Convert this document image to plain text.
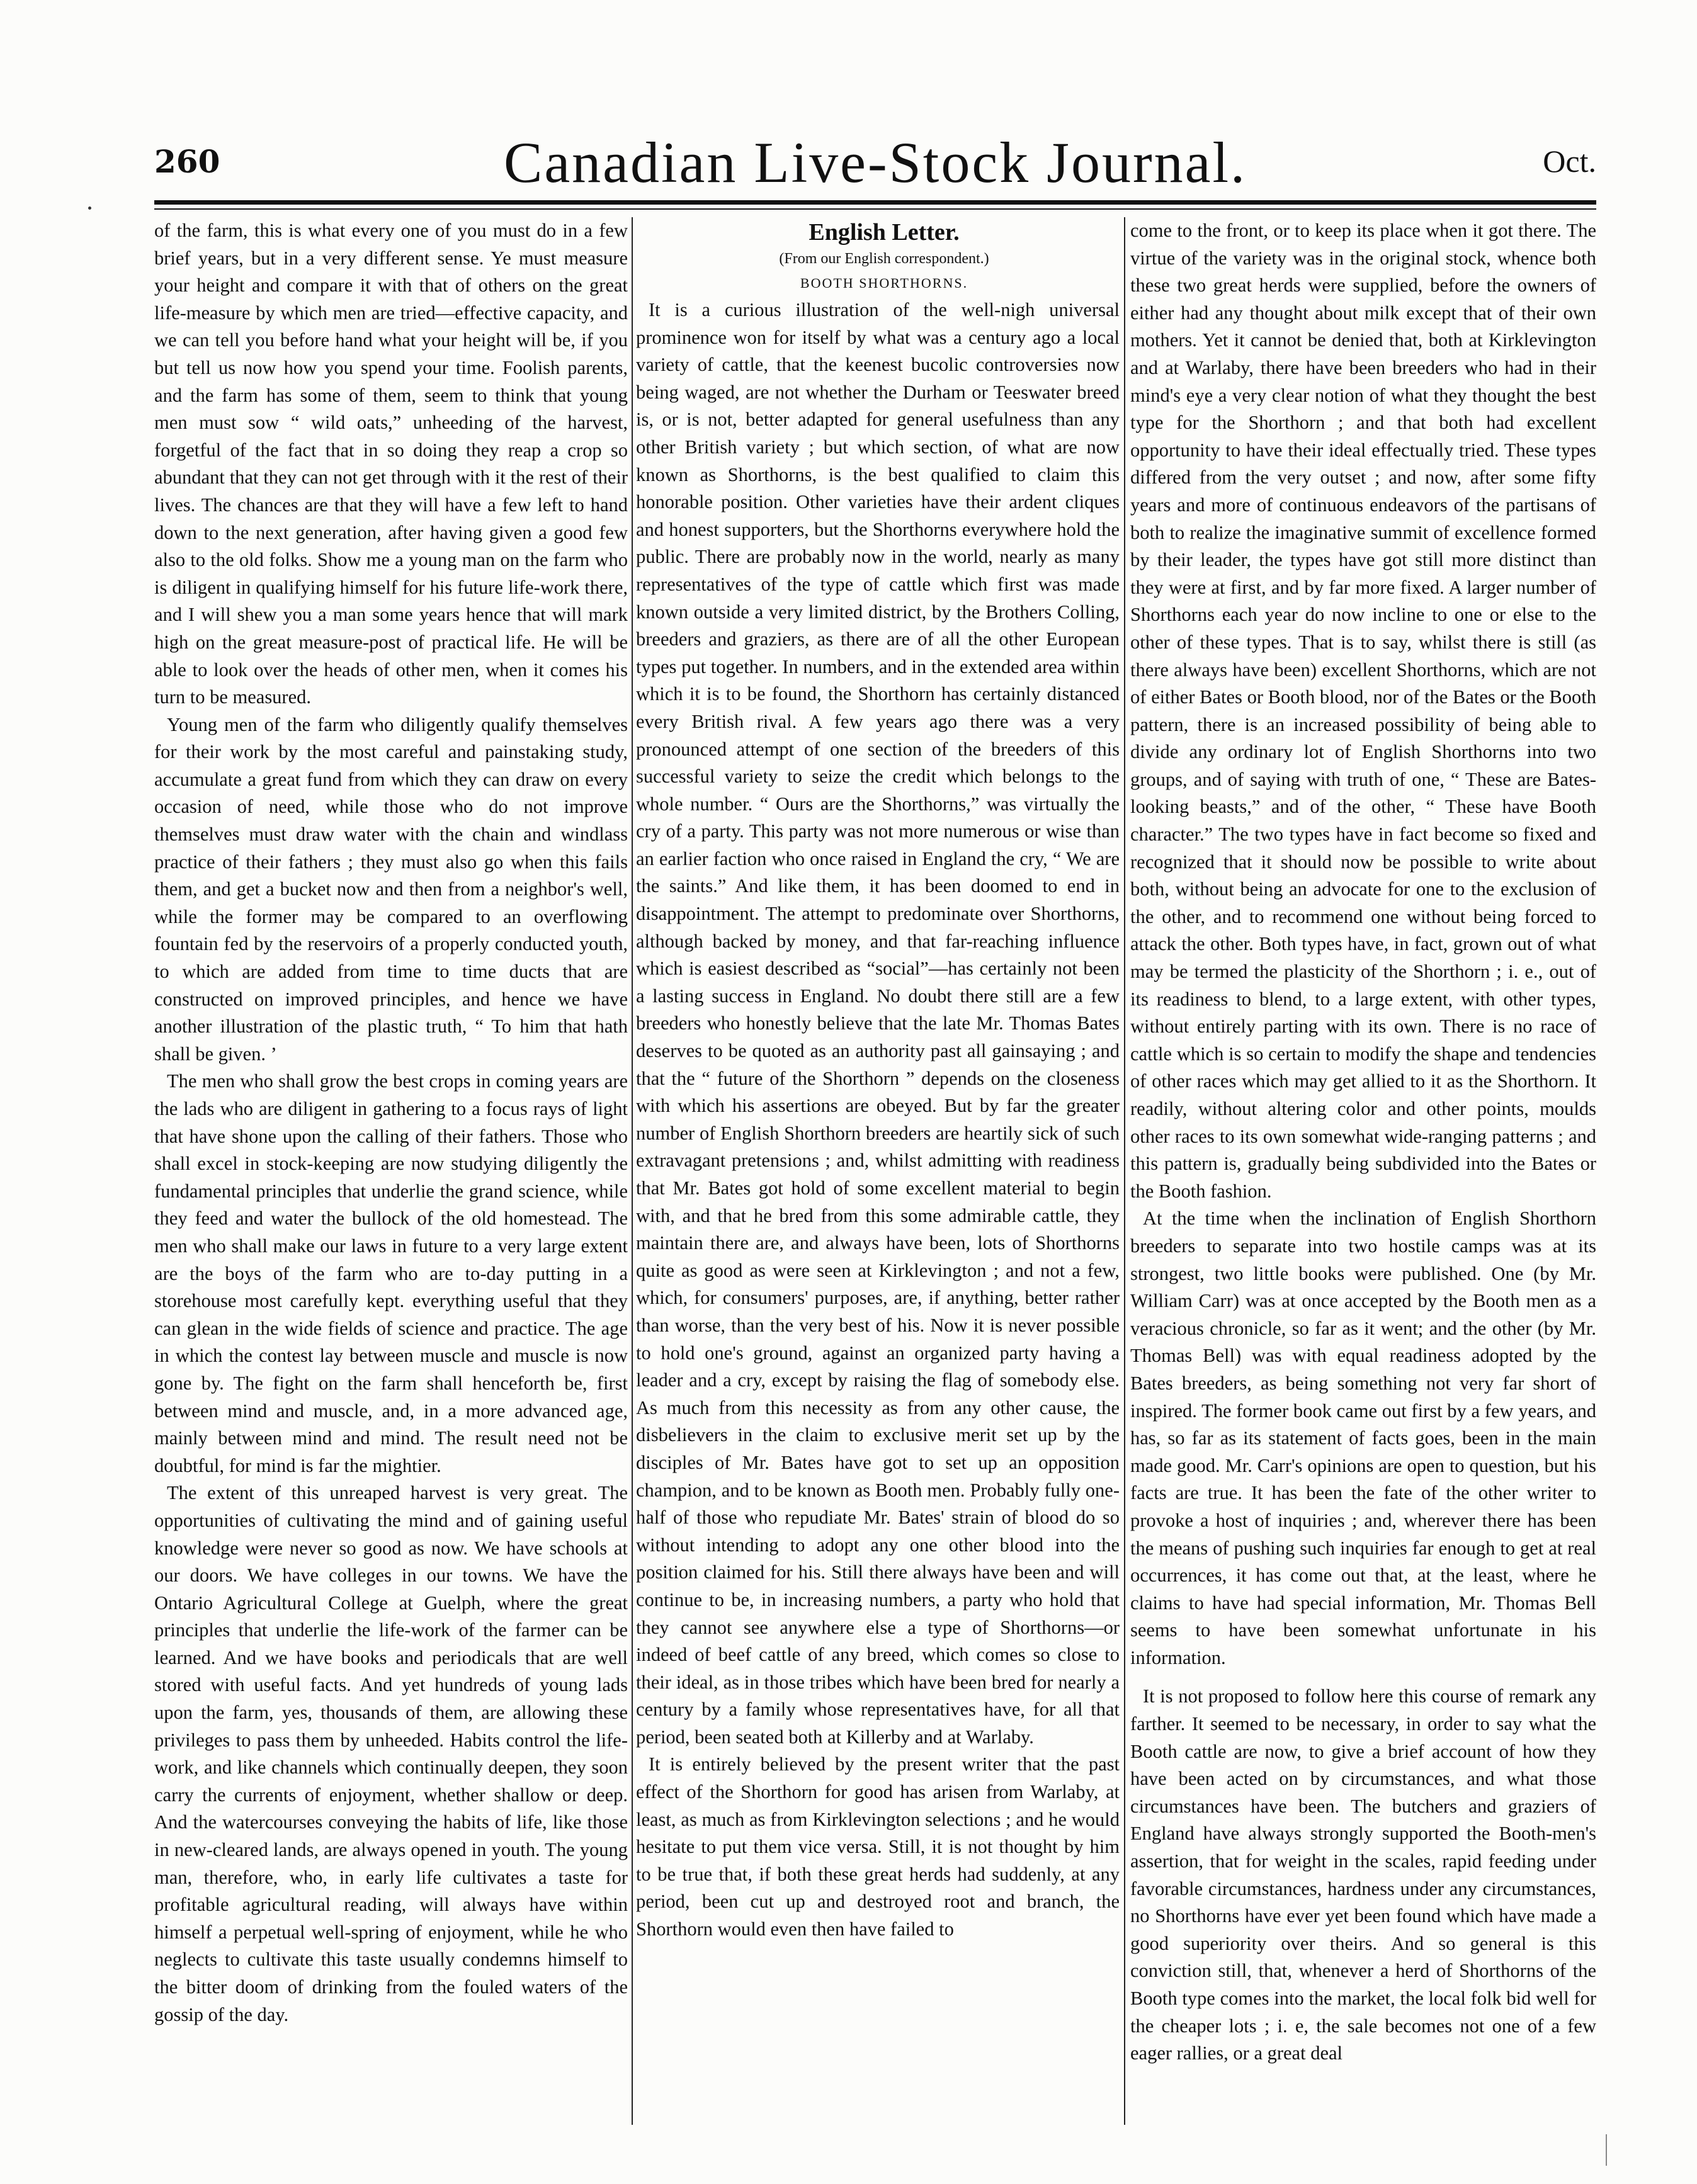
260	Canadian Live-Stock Journal.	Oct.

of the farm, this is what every one of you must do in a few brief years, but in a very different sense. Ye must measure your height and compare it with that of others on the great life-measure by which men are tried—effective capacity, and we can tell you before hand what your height will be, if you but tell us now how you spend your time. Foolish parents, and the farm has some of them, seem to think that young men must sow “ wild oats,” unheeding of the harvest, forgetful of the fact that in so doing they reap a crop so abundant that they can not get through with it the rest of their lives. The chances are that they will have a few left to hand down to the next generation, after having given a good few also to the old folks. Show me a young man on the farm who is diligent in qualifying himself for his future life-work there, and I will shew you a man some years hence that will mark high on the great measure-post of practical life. He will be able to look over the heads of other men, when it comes his turn to be measured.

Young men of the farm who diligently qualify themselves for their work by the most careful and painstaking study, accumulate a great fund from which they can draw on every occasion of need, while those who do not improve themselves must draw water with the chain and windlass practice of their fathers ; they must also go when this fails them, and get a bucket now and then from a neighbor's well, while the former may be compared to an overflowing fountain fed by the reservoirs of a properly conducted youth, to which are added from time to time ducts that are constructed on improved principles, and hence we have another illustration of the plastic truth, “ To him that hath shall be given. ’

The men who shall grow the best crops in coming years are the lads who are diligent in gathering to a focus rays of light that have shone upon the calling of their fathers. Those who shall excel in stock-keeping are now studying diligently the fundamental principles that underlie the grand science, while they feed and water the bullock of the old homestead. The men who shall make our laws in future to a very large extent are the boys of the farm who are to-day putting in a storehouse most carefully kept. everything useful that they can glean in the wide fields of science and practice. The age in which the contest lay between muscle and muscle is now gone by. The fight on the farm shall henceforth be, first between mind and muscle, and, in a more advanced age, mainly between mind and mind. The result need not be doubtful, for mind is far the mightier.

The extent of this unreaped harvest is very great. The opportunities of cultivating the mind and of gaining useful knowledge were never so good as now. We have schools at our doors. We have colleges in our towns. We have the Ontario Agricultural College at Guelph, where the great principles that underlie the life-work of the farmer can be learned. And we have books and periodicals that are well stored with useful facts. And yet hundreds of young lads upon the farm, yes, thousands of them, are allowing these privileges to pass them by unheeded. Habits control the life-work, and like channels which continually deepen, they soon carry the currents of enjoyment, whether shallow or deep. And the watercourses conveying the habits of life, like those in new-cleared lands, are always opened in youth. The young man, therefore, who, in early life cultivates a taste for profitable agricultural reading, will always have within himself a perpetual well-spring of enjoyment, while he who neglects to cultivate this taste usually condemns himself to the bitter doom of drinking from the fouled waters of the gossip of the day.

English Letter.

(From our English correspondent.)

BOOTH SHORTHORNS.

It is a curious illustration of the well-nigh universal prominence won for itself by what was a century ago a local variety of cattle, that the keenest bucolic controversies now being waged, are not whether the Durham or Teeswater breed is, or is not, better adapted for general usefulness than any other British variety ; but which section, of what are now known as Shorthorns, is the best qualified to claim this honorable position. Other varieties have their ardent cliques and honest supporters, but the Shorthorns everywhere hold the public. There are probably now in the world, nearly as many representatives of the type of cattle which first was made known outside a very limited district, by the Brothers Colling, breeders and graziers, as there are of all the other European types put together. In numbers, and in the extended area within which it is to be found, the Shorthorn has certainly distanced every British rival. A few years ago there was a very pronounced attempt of one section of the breeders of this successful variety to seize the credit which belongs to the whole number. “ Ours are the Shorthorns,” was virtually the cry of a party. This party was not more numerous or wise than an earlier faction who once raised in England the cry, “ We are the saints.” And like them, it has been doomed to end in disappointment. The attempt to predominate over Shorthorns, although backed by money, and that far-reaching influence which is easiest described as “social”—has certainly not been a lasting success in England. No doubt there still are a few breeders who honestly believe that the late Mr. Thomas Bates deserves to be quoted as an authority past all gainsaying ; and that the “ future of the Shorthorn ” depends on the closeness with which his assertions are obeyed. But by far the greater number of English Shorthorn breeders are heartily sick of such extravagant pretensions ; and, whilst admitting with readiness that Mr. Bates got hold of some excellent material to begin with, and that he bred from this some admirable cattle, they maintain there are, and always have been, lots of Shorthorns quite as good as were seen at Kirklevington ; and not a few, which, for consumers' purposes, are, if anything, better rather than worse, than the very best of his. Now it is never possible to hold one's ground, against an organized party having a leader and a cry, except by raising the flag of somebody else. As much from this necessity as from any other cause, the disbelievers in the claim to exclusive merit set up by the disciples of Mr. Bates have got to set up an opposition champion, and to be known as Booth men. Probably fully one-half of those who repudiate Mr. Bates' strain of blood do so without intending to adopt any one other blood into the position claimed for his. Still there always have been and will continue to be, in increasing numbers, a party who hold that they cannot see anywhere else a type of Shorthorns—or indeed of beef cattle of any breed, which comes so close to their ideal, as in those tribes which have been bred for nearly a century by a family whose representatives have, for all that period, been seated both at Killerby and at Warlaby.

It is entirely believed by the present writer that the past effect of the Shorthorn for good has arisen from Warlaby, at least, as much as from Kirklevington selections ; and he would hesitate to put them vice versa. Still, it is not thought by him to be true that, if both these great herds had suddenly, at any period, been cut up and destroyed root and branch, the Shorthorn would even then have failed to

come to the front, or to keep its place when it got there. The virtue of the variety was in the original stock, whence both these two great herds were supplied, before the owners of either had any thought about milk except that of their own mothers. Yet it cannot be denied that, both at Kirklevington and at Warlaby, there have been breeders who had in their mind's eye a very clear notion of what they thought the best type for the Shorthorn ; and that both had excellent opportunity to have their ideal effectually tried. These types differed from the very outset ; and now, after some fifty years and more of continuous endeavors of the partisans of both to realize the imaginative summit of excellence formed by their leader, the types have got still more distinct than they were at first, and by far more fixed. A larger number of Shorthorns each year do now incline to one or else to the other of these types. That is to say, whilst there is still (as there always have been) excellent Shorthorns, which are not of either Bates or Booth blood, nor of the Bates or the Booth pattern, there is an increased possibility of being able to divide any ordinary lot of English Shorthorns into two groups, and of saying with truth of one, “ These are Bates-looking beasts,” and of the other, “ These have Booth character.” The two types have in fact become so fixed and recognized that it should now be possible to write about both, without being an advocate for one to the exclusion of the other, and to recommend one without being forced to attack the other. Both types have, in fact, grown out of what may be termed the plasticity of the Shorthorn ; i. e., out of its readiness to blend, to a large extent, with other types, without entirely parting with its own. There is no race of cattle which is so certain to modify the shape and tendencies of other races which may get allied to it as the Shorthorn. It readily, without altering color and other points, moulds other races to its own somewhat wide-ranging patterns ; and this pattern is, gradually being subdivided into the Bates or the Booth fashion.

At the time when the inclination of English Shorthorn breeders to separate into two hostile camps was at its strongest, two little books were published. One (by Mr. William Carr) was at once accepted by the Booth men as a veracious chronicle, so far as it went; and the other (by Mr. Thomas Bell) was with equal readiness adopted by the Bates breeders, as being something not very far short of inspired. The former book came out first by a few years, and has, so far as its statement of facts goes, been in the main made good. Mr. Carr's opinions are open to question, but his facts are true. It has been the fate of the other writer to provoke a host of inquiries ; and, wherever there has been the means of pushing such inquiries far enough to get at real occurrences, it has come out that, at the least, where he claims to have had special information, Mr. Thomas Bell seems to have been somewhat unfortunate in his information.

It is not proposed to follow here this course of remark any farther. It seemed to be necessary, in order to say what the Booth cattle are now, to give a brief account of how they have been acted on by circumstances, and what those circumstances have been. The butchers and graziers of England have always strongly supported the Booth-men's assertion, that for weight in the scales, rapid feeding under favorable circumstances, hardness under any circumstances, no Shorthorns have ever yet been found which have made a good superiority over theirs. And so general is this conviction still, that, whenever a herd of Shorthorns of the Booth type comes into the market, the local folk bid well for the cheaper lots ; i. e, the sale becomes not one of a few eager rallies, or a great deal
